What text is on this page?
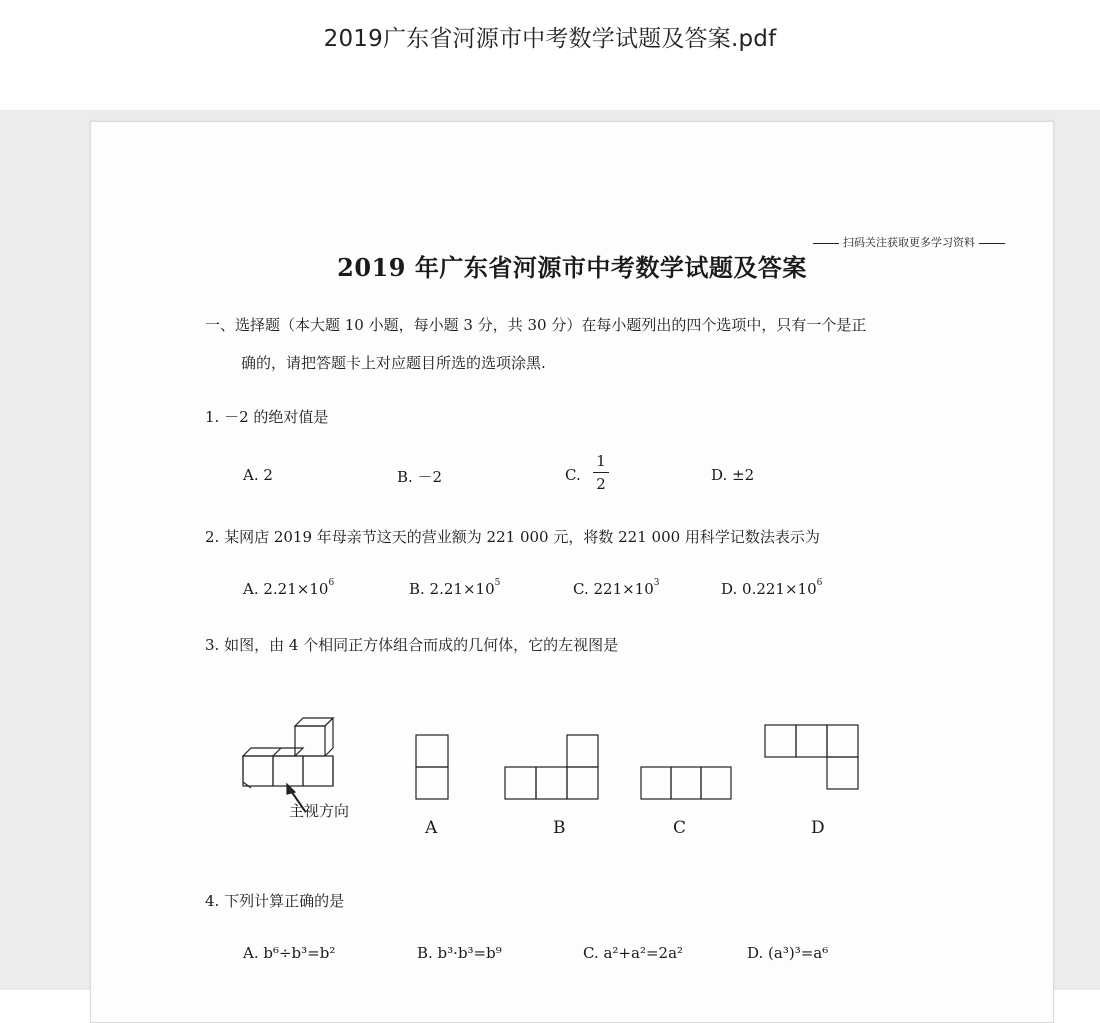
2019广东省河源市中考数学试题及答案.pdf
扫码关注获取更多学习资料
2019 年广东省河源市中考数学试题及答案
一、选择题（本大题 10 小题，每小题 3 分，共 30 分）在每小题列出的四个选项中，只有一个是正
确的，请把答题卡上对应题目所选的选项涂黑.
1. －2 的绝对值是
A. 2	B. －2	C.
1
2	D. ±2
2. 某网店 2019 年母亲节这天的营业额为 221 000 元，将数 221 000 用科学记数法表示为
A. $2.21\times 10^6$	B. $2.21\times 10^5$	C. $221\times 10^3$	D. $0.221\times 10^6$
3. 如图，由 4 个相同正方体组合而成的几何体，它的左视图是
主视方向
A	B	C	D
4. 下列计算正确的是
A. b⁶÷b³=b²	B. b³·b³=b⁹	C. a²+a²=2a²	D. (a³)³=a⁶
